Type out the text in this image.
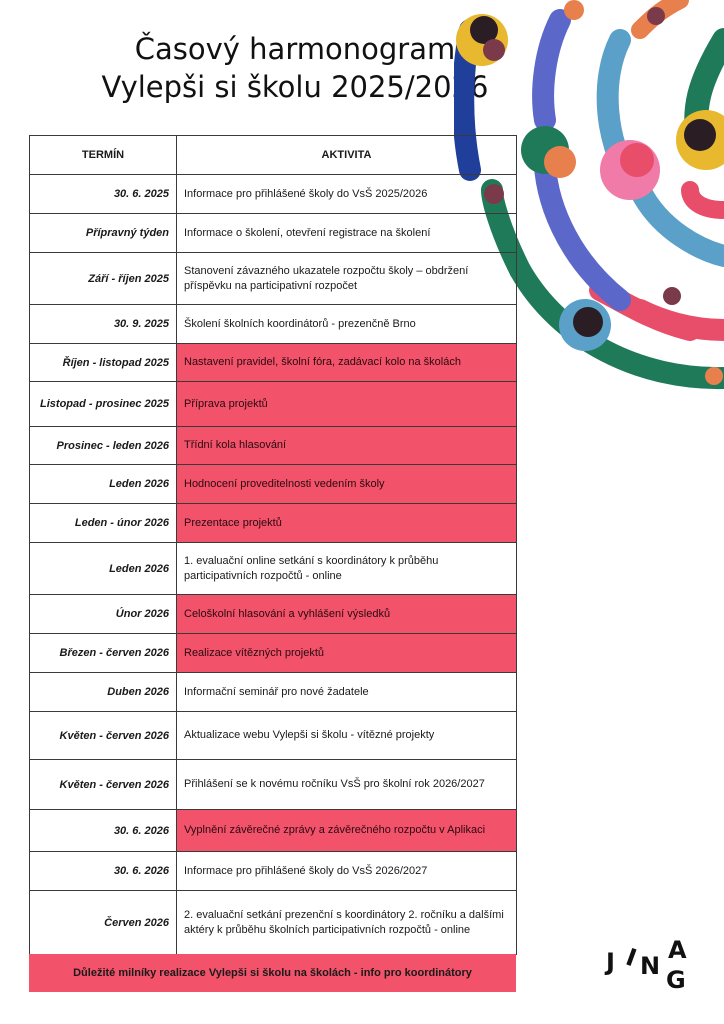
Časový harmonogram
Vylepši si školu 2025/2026
TERMÍN	AKTIVITA
30. 6. 2025	Informace pro přihlášené školy do VsŠ 2025/2026
Přípravný týden	Informace o školení, otevření registrace na školení
Září - říjen 2025	Stanovení závazného ukazatele rozpočtu školy – obdržení příspěvku na participativní rozpočet
30. 9. 2025	Školení školních koordinátorů - prezenčně Brno
Říjen - listopad 2025	Nastavení pravidel, školní fóra, zadávací kolo na školách
Listopad - prosinec 2025	Příprava projektů
Prosinec - leden 2026	Třídní kola hlasování
Leden 2026	Hodnocení proveditelnosti vedením školy
Leden - únor 2026	Prezentace projektů
Leden 2026	1. evaluační online setkání s koordinátory k průběhu participativních rozpočtů - online
Únor 2026	Celoškolní hlasování a vyhlášení výsledků
Březen - červen 2026	Realizace vítězných projektů
Duben 2026	Informační seminář pro nové žadatele
Květen - červen 2026	Aktualizace webu Vylepši si školu - vítězné projekty
Květen - červen 2026	Přihlášení se k novému ročníku VsŠ pro školní rok 2026/2027
30. 6. 2026	Vyplnění závěrečné zprávy a závěrečného rozpočtu v Aplikaci
30. 6. 2026	Informace pro přihlášené školy do VsŠ 2026/2027
Červen 2026	2. evaluační setkání prezenční s koordinátory 2. ročníku a dalšími aktéry k průběhu školních participativních rozpočtů - online
Důležité milníky realizace Vylepši si školu na školách - info pro koordinátory	J I N
A
G
